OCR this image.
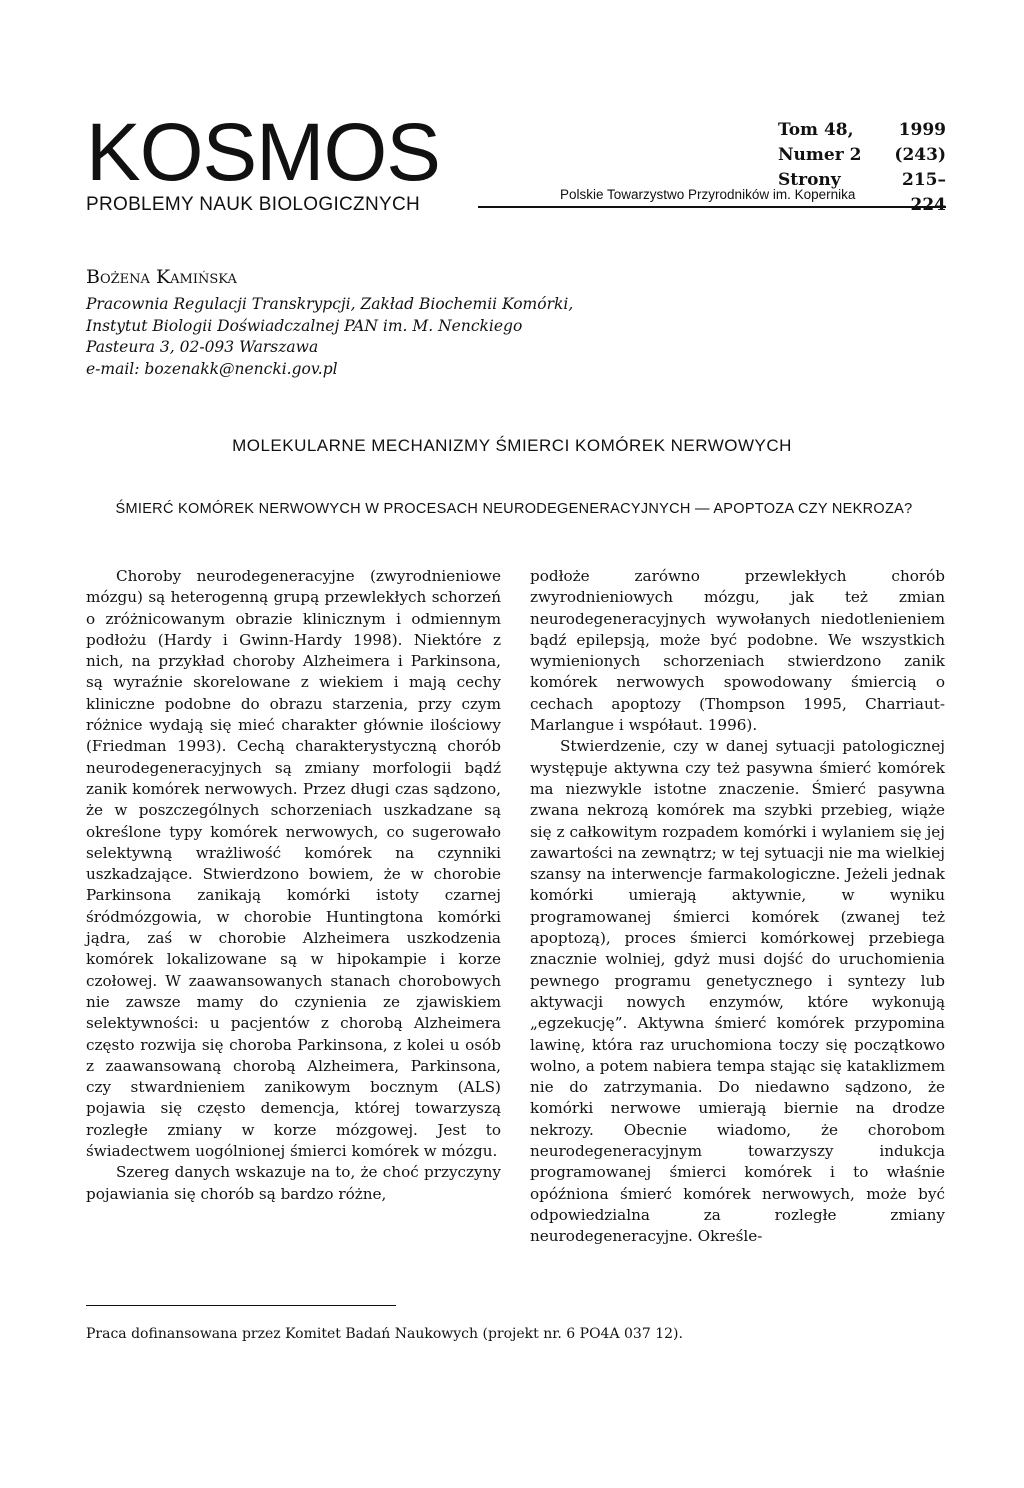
KOSMOS
PROBLEMY NAUK BIOLOGICZNYCH
Tom 48,	1999
Numer 2	(243)
Strony	215–224
Polskie Towarzystwo Przyrodników im. Kopernika
Bożena Kamińska
Pracownia Regulacji Transkrypcji, Zakład Biochemii Komórki,
Instytut Biologii Doświadczalnej PAN im. M. Nenckiego
Pasteura 3, 02-093 Warszawa
e-mail: bozenakk@nencki.gov.pl
MOLEKULARNE MECHANIZMY ŚMIERCI KOMÓREK NERWOWYCH
ŚMIERĆ KOMÓREK NERWOWYCH W PROCESACH NEURODEGENERACYJNYCH — APOPTOZA CZY NEKROZA?

Choroby neurodegeneracyjne (zwyrodnieniowe mózgu) są heterogenną grupą przewlekłych schorzeń o zróżnicowanym obrazie klinicznym i odmiennym podłożu (Hardy i Gwinn-Hardy 1998). Niektóre z nich, na przykład choroby Alzheimera i Parkinsona, są wyraźnie skorelowane z wiekiem i mają cechy kliniczne podobne do obrazu starzenia, przy czym różnice wydają się mieć charakter głównie ilościowy (Friedman 1993). Cechą charakterystyczną chorób neurodegeneracyjnych są zmiany morfologii bądź zanik komórek nerwowych. Przez długi czas sądzono, że w poszczególnych schorzeniach uszkadzane są określone typy komórek nerwowych, co sugerowało selektywną wrażliwość komórek na czynniki uszkadzające. Stwierdzono bowiem, że w chorobie Parkinsona zanikają komórki istoty czarnej śródmózgowia, w chorobie Huntingtona komórki jądra, zaś w chorobie Alzheimera uszkodzenia komórek lokalizowane są w hipokampie i korze czołowej. W zaawansowanych stanach chorobowych nie zawsze mamy do czynienia ze zjawiskiem selektywności: u pacjentów z chorobą Alzheimera często rozwija się choroba Parkinsona, z kolei u osób z zaawansowaną chorobą Alzheimera, Parkinsona, czy stwardnieniem zanikowym bocznym (ALS) pojawia się często demencja, której towarzyszą rozległe zmiany w korze mózgowej. Jest to świadectwem uogólnionej śmierci komórek w mózgu.

Szereg danych wskazuje na to, że choć przyczyny pojawiania się chorób są bardzo różne,

podłoże zarówno przewlekłych chorób zwyrodnieniowych mózgu, jak też zmian neurodegeneracyjnych wywołanych niedotlenieniem bądź epilepsją, może być podobne. We wszystkich wymienionych schorzeniach stwierdzono zanik komórek nerwowych spowodowany śmiercią o cechach apoptozy (Thompson 1995, Charriaut-Marlangue i współaut. 1996).

Stwierdzenie, czy w danej sytuacji patologicznej występuje aktywna czy też pasywna śmierć komórek ma niezwykle istotne znaczenie. Śmierć pasywna zwana nekrozą komórek ma szybki przebieg, wiąże się z całkowitym rozpadem komórki i wylaniem się jej zawartości na zewnątrz; w tej sytuacji nie ma wielkiej szansy na interwencje farmakologiczne. Jeżeli jednak komórki umierają aktywnie, w wyniku programowanej śmierci komórek (zwanej też apoptozą), proces śmierci komórkowej przebiega znacznie wolniej, gdyż musi dojść do uruchomienia pewnego programu genetycznego i syntezy lub aktywacji nowych enzymów, które wykonują „egzekucję”. Aktywna śmierć komórek przypomina lawinę, która raz uruchomiona toczy się początkowo wolno, a potem nabiera tempa stając się kataklizmem nie do zatrzymania. Do niedawno sądzono, że komórki nerwowe umierają biernie na drodze nekrozy. Obecnie wiadomo, że chorobom neurodegeneracyjnym towarzyszy indukcja programowanej śmierci komórek i to właśnie opóźniona śmierć komórek nerwowych, może być odpowiedzialna za rozległe zmiany neurodegeneracyjne. Określe-

Praca dofinansowana przez Komitet Badań Naukowych (projekt nr. 6 PO4A 037 12).
